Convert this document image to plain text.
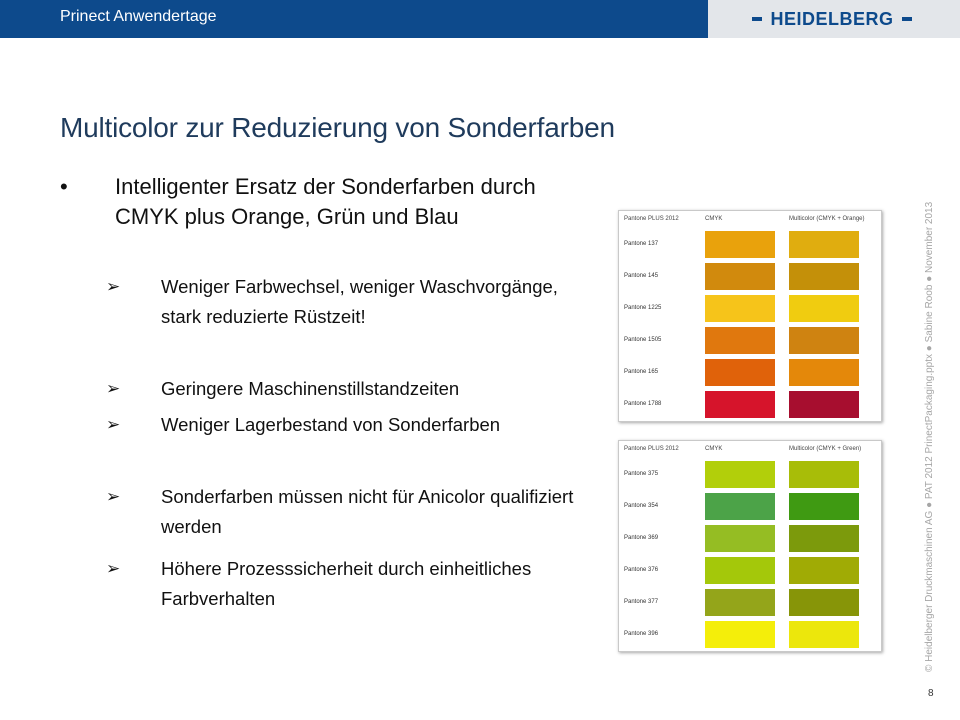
Prinect Anwendertage	HEIDELBERG
Multicolor zur Reduzierung von Sonderfarben
• Intelligenter Ersatz der Sonderfarben durch CMYK plus Orange, Grün und Blau
➢ Weniger Farbwechsel, weniger Waschvorgänge, stark reduzierte Rüstzeit!
➢ Geringere Maschinenstillstandzeiten
➢ Weniger Lagerbestand von Sonderfarben
➢ Sonderfarben müssen nicht für Anicolor qualifiziert werden
➢ Höhere Prozesssicherheit durch einheitliches Farbverhalten
Pantone PLUS 2012	CMYK	Multicolor (CMYK + Orange)
Pantone 137
Pantone 145
Pantone 1225
Pantone 1505
Pantone 165
Pantone 1788
Pantone PLUS 2012	CMYK	Multicolor (CMYK + Green)
Pantone 375
Pantone 354
Pantone 369
Pantone 376
Pantone 377
Pantone 396	© Heidelberger Druckmaschinen AG ● PAT 2012 PrinectPackaging.pptx ● Sabine Roob ● November 2013
8
